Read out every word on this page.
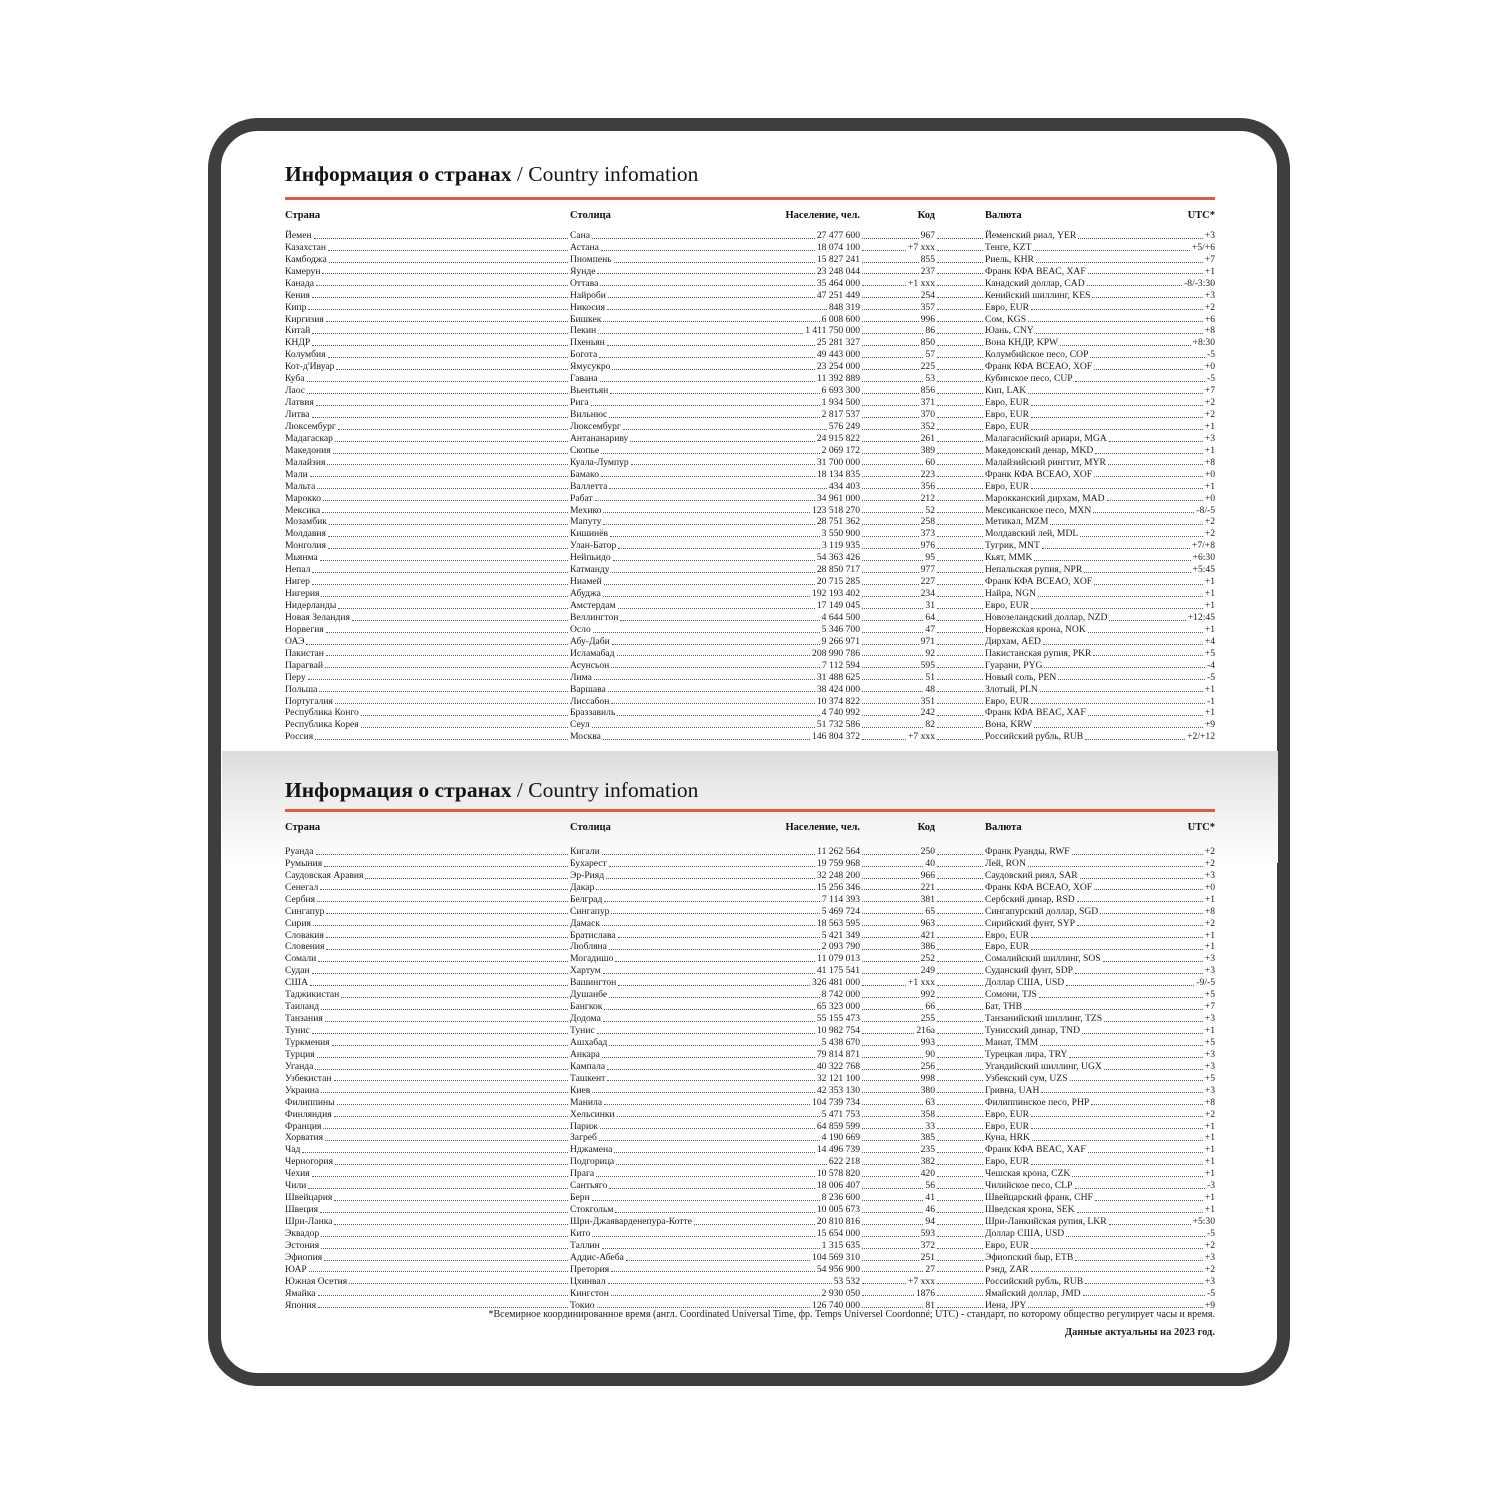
Информация о странах / Country infomation
Страна	Столица	Население, чел.	Код	Валюта	UTC*
Йемен	Сана	27 477 600	967	Йеменский риал, YER	+3
Казахстан	Астана	18 074 100	+7 xxx	Тенге, KZT	+5/+6
Камбоджа	Пномпень	15 827 241	855	Риель, KHR	+7
Камерун	Яунде	23 248 044	237	Франк КФА BEAC, XAF	+1
Канада	Оттава	35 464 000	+1 xxx	Канадский доллар, CAD	-8/-3:30
Кения	Найроби	47 251 449	254	Кенийский шиллинг, KES	+3
Кипр	Никосия	848 319	357	Евро, EUR	+2
Киргизия	Бишкек	6 008 600	996	Сом, KGS	+6
Китай	Пекин	1 411 750 000	86	Юань, CNY	+8
КНДР	Пхеньян	25 281 327	850	Вона КНДР, KPW	+8:30
Колумбия	Богота	49 443 000	57	Колумбийское песо, COP	-5
Кот-д'Ивуар	Ямусукро	23 254 000	225	Франк КФА ВСЕАО, XOF	+0
Куба	Гавана	11 392 889	53	Кубинское песо, CUP	-5
Лаос	Вьентьян	6 693 300	856	Кип, LAK	+7
Латвия	Рига	1 934 500	371	Евро, EUR	+2
Литва	Вильнюс	2 817 537	370	Евро, EUR	+2
Люксембург	Люксембург	576 249	352	Евро, EUR	+1
Мадагаскар	Антананариву	24 915 822	261	Малагасийский ариари, MGA	+3
Македония	Скопье	2 069 172	389	Македонский денар, MKD	+1
Малайзия	Куала-Лумпур	31 700 000	60	Малайзийский ринггит, MYR	+8
Мали	Бамако	18 134 835	223	Франк КФА ВСЕАО, XOF	+0
Мальта	Валлетта	434 403	356	Евро, EUR	+1
Марокко	Рабат	34 961 000	212	Марокканский дирхам, MAD	+0
Мексика	Мехико	123 518 270	52	Мексиканское песо, MXN	-8/-5
Мозамбик	Мапуту	28 751 362	258	Метикал, MZM	+2
Молдавия	Кишинёв	3 550 900	373	Молдавский лей, MDL	+2
Монголия	Улан-Батор	3 119 935	976	Тугрик, MNT	+7/+8
Мьянма	Нейпьидо	54 363 426	95	Кьят, MMK	+6:30
Непал	Катманду	28 850 717	977	Непальская рупия, NPR	+5:45
Нигер	Ниамей	20 715 285	227	Франк КФА ВСЕАО, XOF	+1
Нигерия	Абуджа	192 193 402	234	Найра, NGN	+1
Нидерланды	Амстердам	17 149 045	31	Евро, EUR	+1
Новая Зеландия	Веллингтон	4 644 500	64	Новозеландский доллар, NZD	+12:45
Норвегия	Осло	5 346 700	47	Норвежская крона, NOK	+1
ОАЭ	Абу-Даби	9 266 971	971	Дирхам, AED	+4
Пакистан	Исламабад	208 990 786	92	Пакистанская рупия, PKR	+5
Парагвай	Асунсьон	7 112 594	595	Гуарани, PYG	-4
Перу	Лима	31 488 625	51	Новый соль, PEN	-5
Польша	Варшава	38 424 000	48	Злотый, PLN	+1
Португалия	Лиссабон	10 374 822	351	Евро, EUR	-1
Республика Конго	Браззавиль	4 740 992	242	Франк КФА BEAC, XAF	+1
Республика Корея	Сеул	51 732 586	82	Вона, KRW	+9
Россия	Москва	146 804 372	+7 xxx	Российский рубль, RUB	+2/+12
Информация о странах / Country infomation
Страна	Столица	Население, чел.	Код	Валюта	UTC*
Руанда	Кигали	11 262 564	250	Франк Руанды, RWF	+2
Румыния	Бухарест	19 759 968	40	Лей, RON	+2
Саудовская Аравия	Эр-Рияд	32 248 200	966	Саудовский риял, SAR	+3
Сенегал	Дакар	15 256 346	221	Франк КФА ВСЕАО, XOF	+0
Сербия	Белград	7 114 393	381	Сербский динар, RSD	+1
Сингапур	Сингапур	5 469 724	65	Сингапурский доллар, SGD	+8
Сирия	Дамаск	18 563 595	963	Сирийский фунт, SYP	+2
Словакия	Братислава	5 421 349	421	Евро, EUR	+1
Словения	Любляна	2 093 790	386	Евро, EUR	+1
Сомали	Могадишо	11 079 013	252	Сомалийский шиллинг, SOS	+3
Судан	Хартум	41 175 541	249	Суданский фунт, SDP	+3
США	Вашингтон	326 481 000	+1 xxx	Доллар США, USD	-9/-5
Таджикистан	Душанбе	8 742 000	992	Сомони, TJS	+5
Таиланд	Бангкок	65 323 000	66	Бат, THB	+7
Танзания	Додома	55 155 473	255	Танзанийский шиллинг, TZS	+3
Тунис	Тунис	10 982 754	216a	Тунисский динар, TND	+1
Туркмения	Ашхабад	5 438 670	993	Манат, TMM	+5
Турция	Анкара	79 814 871	90	Турецкая лира, TRY	+3
Уганда	Кампала	40 322 768	256	Угандийский шиллинг, UGX	+3
Узбекистан	Ташкент	32 121 100	998	Узбекский сум, UZS	+5
Украина	Киев	42 353 130	380	Гривна, UAH	+3
Филиппины	Манила	104 739 734	63	Филиппинское песо, PHP	+8
Финляндия	Хельсинки	5 471 753	358	Евро, EUR	+2
Франция	Париж	64 859 599	33	Евро, EUR	+1
Хорватия	Загреб	4 190 669	385	Куна, HRK	+1
Чад	Нджамена	14 496 739	235	Франк КФА BEAC, XAF	+1
Черногория	Подгорица	622 218	382	Евро, EUR	+1
Чехия	Прага	10 578 820	420	Чешская крона, CZK	+1
Чили	Сантьяго	18 006 407	56	Чилийское песо, CLP	-3
Швейцария	Берн	8 236 600	41	Швейцарский франк, CHF	+1
Швеция	Стокгольм	10 005 673	46	Шведская крона, SEK	+1
Шри-Ланка	Шри-Джаяварденепура-Котте	20 810 816	94	Шри-Ланкийская рупия, LKR	+5:30
Эквадор	Кито	15 654 000	593	Доллар США, USD	-5
Эстония	Таллин	1 315 635	372	Евро, EUR	+2
Эфиопия	Аддис-Абеба	104 569 310	251	Эфиопский быр, ETB	+3
ЮАР	Претория	54 956 900	27	Рэнд, ZAR	+2
Южная Осетия	Цхинвал	53 532	+7 xxx	Российский рубль, RUB	+3
Ямайка	Кингстон	2 930 050	1876	Ямайский доллар, JMD	-5
Япония	Токио	126 740 000	81	Иена, JPY	+9
*Всемирное координированное время (англ. Coordinated Universal Time, фр. Temps Universel Coordonné; UTC) - стандарт, по которому общество регулирует часы и время.
Данные актуальны на 2023 год.
